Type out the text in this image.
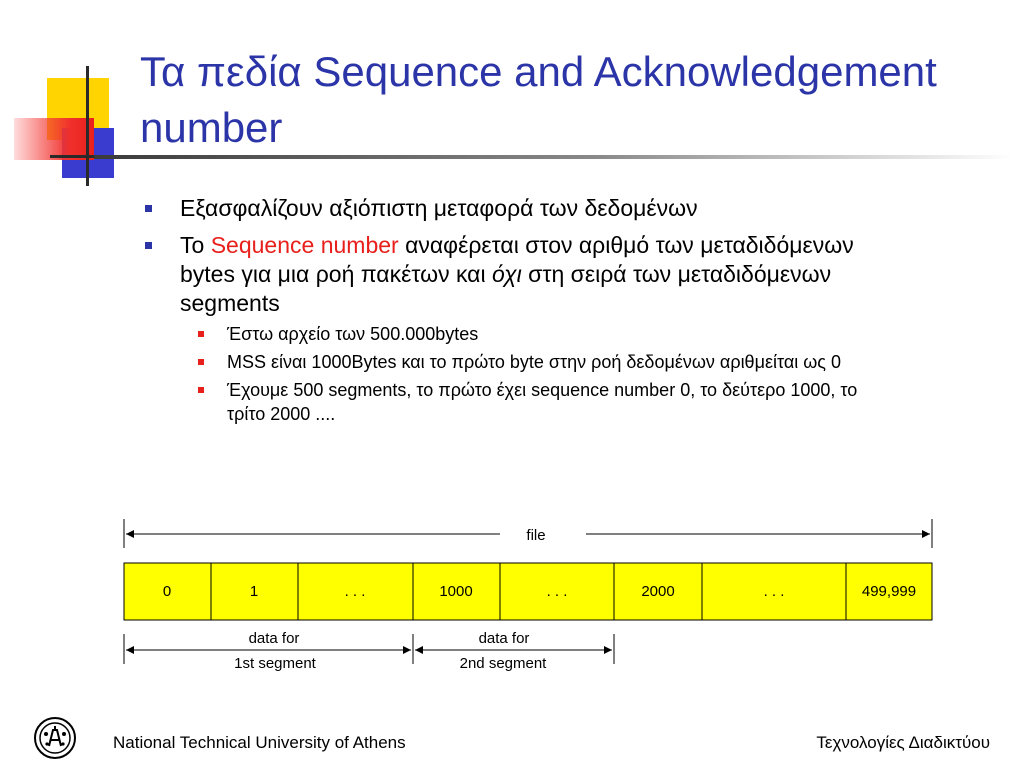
Τα πεδία Sequence and Acknowledgement number
Εξασφαλίζουν αξιόπιστη μεταφορά των δεδομένων
Το Sequence number αναφέρεται στον αριθμό των μεταδιδόμενων bytes για μια ροή πακέτων και όχι στη σειρά των μεταδιδόμενων segments
Έστω αρχείο των 500.000bytes
MSS είναι 1000Bytes και το πρώτο byte στην ροή δεδομένων αριθμείται ως 0
Έχουμε 500 segments, το πρώτο έχει sequence number 0, το δεύτερο 1000, το τρίτο 2000 ....
file
0	1	. . .	1000	. . .	2000	. . .	499,999
data for
1st segment
data for
2nd segment
National Technical University of Athens	Τεχνολογίες Διαδικτύου
